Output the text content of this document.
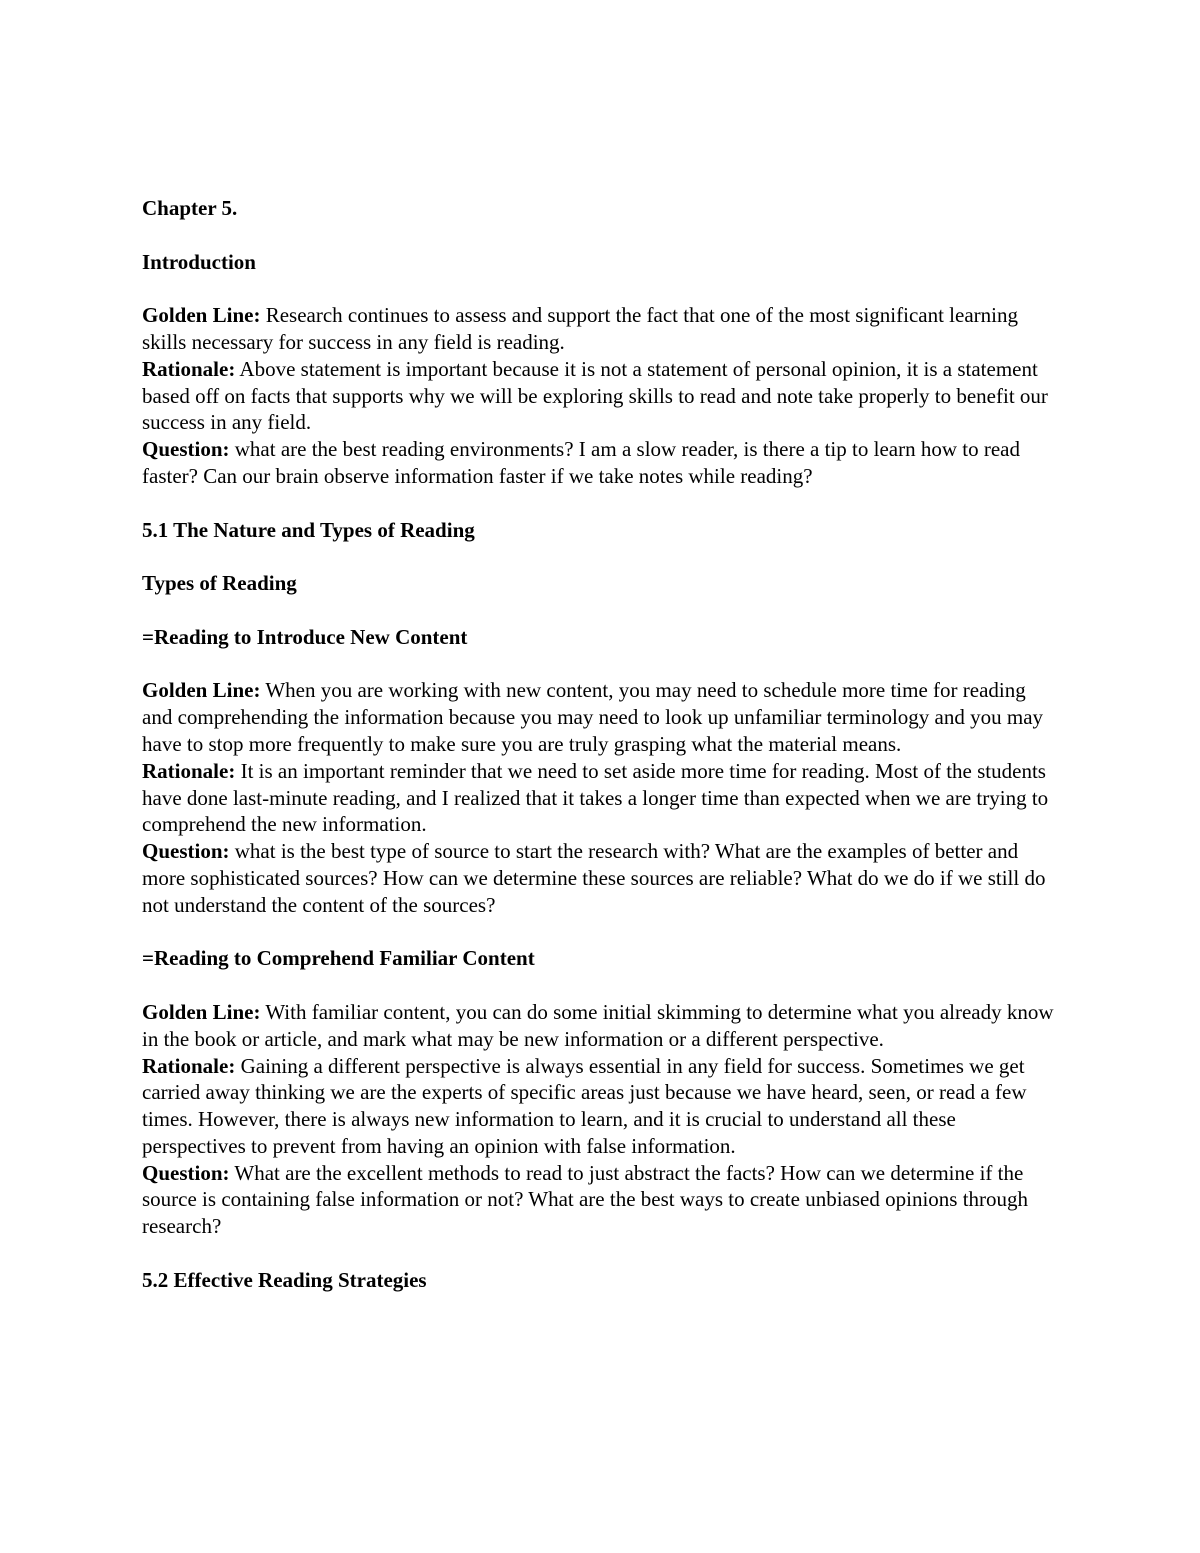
Chapter 5.

Introduction

Golden Line: Research continues to assess and support the fact that one of the most significant learning skills necessary for success in any field is reading.

Rationale: Above statement is important because it is not a statement of personal opinion, it is a statement based off on facts that supports why we will be exploring skills to read and note take properly to benefit our success in any field.

Question: what are the best reading environments? I am a slow reader, is there a tip to learn how to read faster? Can our brain observe information faster if we take notes while reading?

5.1 The Nature and Types of Reading

Types of Reading

=Reading to Introduce New Content

Golden Line: When you are working with new content, you may need to schedule more time for reading and comprehending the information because you may need to look up unfamiliar terminology and you may have to stop more frequently to make sure you are truly grasping what the material means.

Rationale: It is an important reminder that we need to set aside more time for reading. Most of the students have done last-minute reading, and I realized that it takes a longer time than expected when we are trying to comprehend the new information.

Question: what is the best type of source to start the research with? What are the examples of better and more sophisticated sources? How can we determine these sources are reliable? What do we do if we still do not understand the content of the sources?

=Reading to Comprehend Familiar Content

Golden Line: With familiar content, you can do some initial skimming to determine what you already know in the book or article, and mark what may be new information or a different perspective.

Rationale: Gaining a different perspective is always essential in any field for success. Sometimes we get carried away thinking we are the experts of specific areas just because we have heard, seen, or read a few times. However, there is always new information to learn, and it is crucial to understand all these perspectives to prevent from having an opinion with false information.

Question: What are the excellent methods to read to just abstract the facts? How can we determine if the source is containing false information or not? What are the best ways to create unbiased opinions through research?

5.2 Effective Reading Strategies
